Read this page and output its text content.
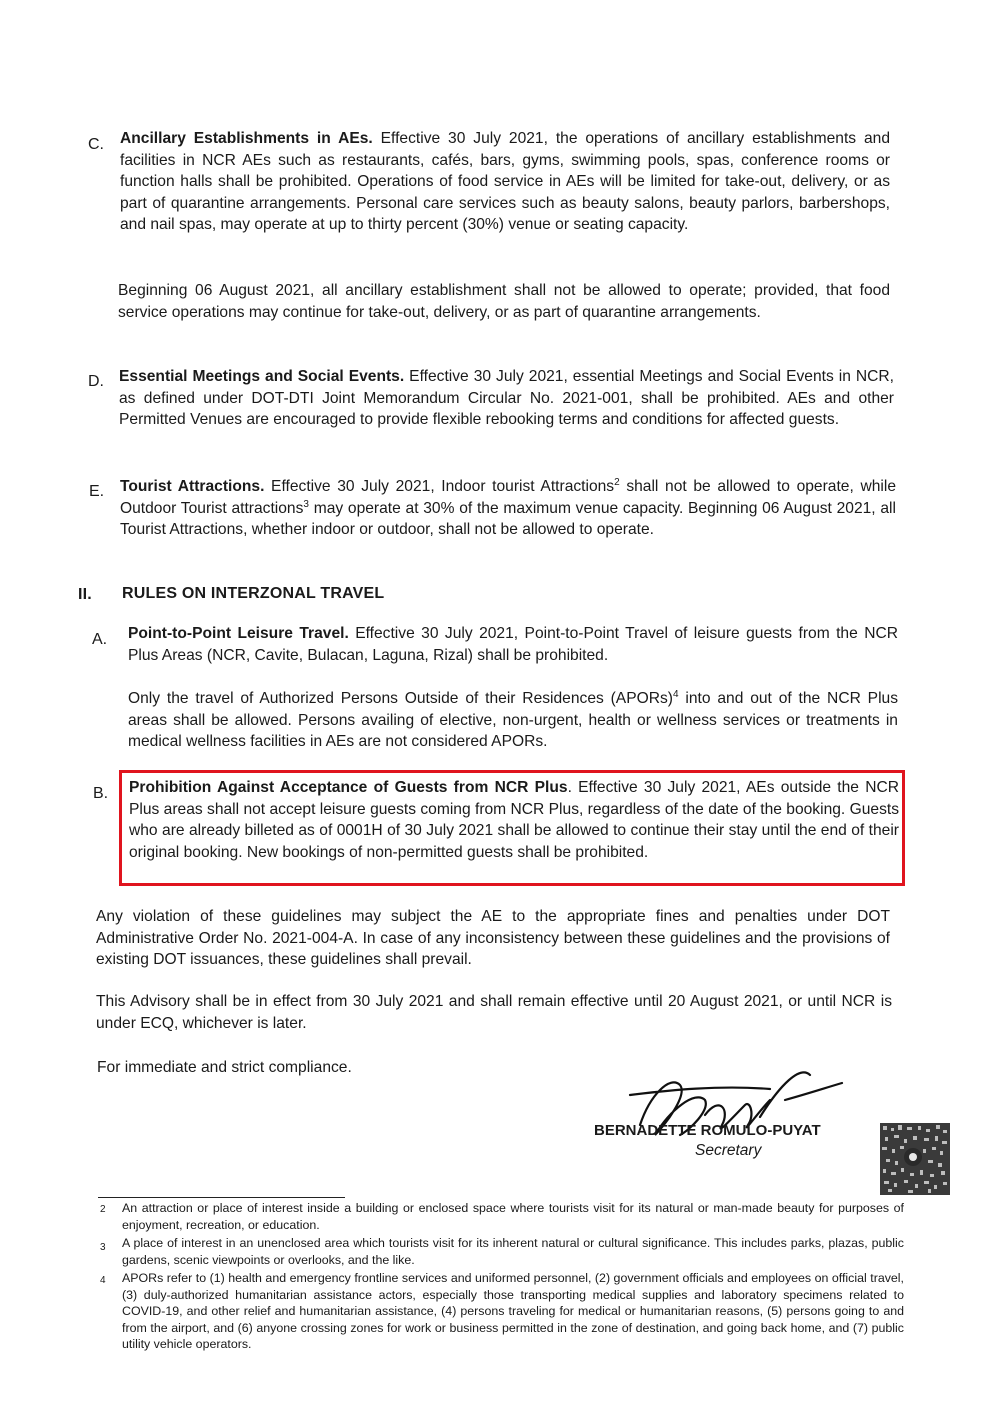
C. Ancillary Establishments in AEs. Effective 30 July 2021, the operations of ancillary establishments and facilities in NCR AEs such as restaurants, cafés, bars, gyms, swimming pools, spas, conference rooms or function halls shall be prohibited. Operations of food service in AEs will be limited for take-out, delivery, or as part of quarantine arrangements. Personal care services such as beauty salons, beauty parlors, barbershops, and nail spas, may operate at up to thirty percent (30%) venue or seating capacity.
Beginning 06 August 2021, all ancillary establishment shall not be allowed to operate; provided, that food service operations may continue for take-out, delivery, or as part of quarantine arrangements.
D. Essential Meetings and Social Events. Effective 30 July 2021, essential Meetings and Social Events in NCR, as defined under DOT-DTI Joint Memorandum Circular No. 2021-001, shall be prohibited. AEs and other Permitted Venues are encouraged to provide flexible rebooking terms and conditions for affected guests.
E. Tourist Attractions. Effective 30 July 2021, Indoor tourist Attractions$^2$ shall not be allowed to operate, while Outdoor Tourist attractions$^3$ may operate at 30% of the maximum venue capacity. Beginning 06 August 2021, all Tourist Attractions, whether indoor or outdoor, shall not be allowed to operate.
II. RULES ON INTERZONAL TRAVEL
A. Point-to-Point Leisure Travel. Effective 30 July 2021, Point-to-Point Travel of leisure guests from the NCR Plus Areas (NCR, Cavite, Bulacan, Laguna, Rizal) shall be prohibited.
Only the travel of Authorized Persons Outside of their Residences (APORs)$^4$ into and out of the NCR Plus areas shall be allowed. Persons availing of elective, non-urgent, health or wellness services or treatments in medical wellness facilities in AEs are not considered APORs.
B. Prohibition Against Acceptance of Guests from NCR Plus. Effective 30 July 2021, AEs outside the NCR Plus areas shall not accept leisure guests coming from NCR Plus, regardless of the date of the booking. Guests who are already billeted as of 0001H of 30 July 2021 shall be allowed to continue their stay until the end of their original booking. New bookings of non-permitted guests shall be prohibited.
Any violation of these guidelines may subject the AE to the appropriate fines and penalties under DOT Administrative Order No. 2021-004-A. In case of any inconsistency between these guidelines and the provisions of existing DOT issuances, these guidelines shall prevail.
This Advisory shall be in effect from 30 July 2021 and shall remain effective until 20 August 2021, or until NCR is under ECQ, whichever is later.
For immediate and strict compliance.
BERNADETTE ROMULO-PUYAT
Secretary
2 An attraction or place of interest inside a building or enclosed space where tourists visit for its natural or man-made beauty for purposes of enjoyment, recreation, or education.
3 A place of interest in an unenclosed area which tourists visit for its inherent natural or cultural significance. This includes parks, plazas, public gardens, scenic viewpoints or overlooks, and the like.
4 APORs refer to (1) health and emergency frontline services and uniformed personnel, (2) government officials and employees on official travel, (3) duly-authorized humanitarian assistance actors, especially those transporting medical supplies and laboratory specimens related to COVID-19, and other relief and humanitarian assistance, (4) persons traveling for medical or humanitarian reasons, (5) persons going to and from the airport, and (6) anyone crossing zones for work or business permitted in the zone of destination, and going back home, and (7) public utility vehicle operators.
